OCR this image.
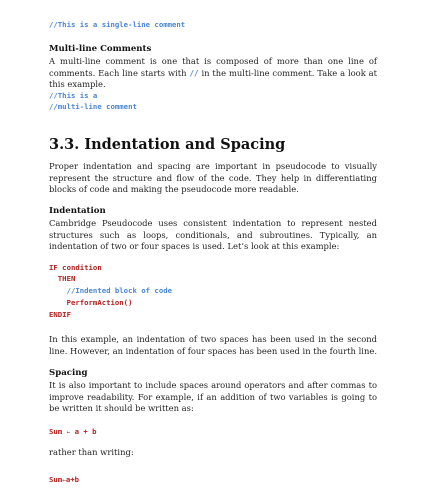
//This is a single-line comment
Multi-line Comments

A multi-line comment is one that is composed of more than one line of comments. Each line starts with // in the multi-line comment. Take a look at this example.

//This is a
//multi-line comment
3.3. Indentation and Spacing

Proper indentation and spacing are important in pseudocode to visually represent the structure and flow of the code. They help in differentiating blocks of code and making the pseudocode more readable.

Indentation

Cambridge Pseudocode uses consistent indentation to represent nested structures such as loops, conditionals, and subroutines. Typically, an indentation of two or four spaces is used. Let’s look at this example:

IF condition
THEN
//Indented block of code
PerformAction()
ENDIF

In this example, an indentation of two spaces has been used in the second line. However, an indentation of four spaces has been used in the fourth line.

Spacing

It is also important to include spaces around operators and after commas to improve readability. For example, if an addition of two variables is going to be written it should be written as:

Sum ← a + b

rather than writing:

Sum←a+b
